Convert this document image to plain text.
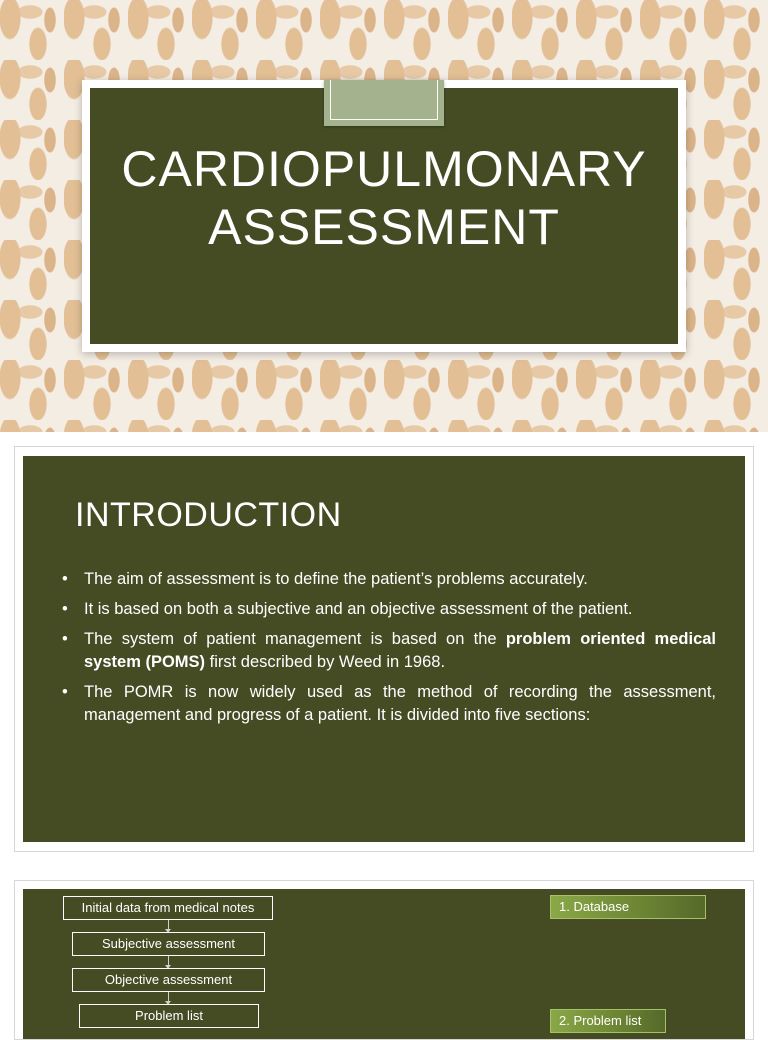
CARDIOPULMONARY
ASSESSMENT
INTRODUCTION
• The aim of assessment is to define the patient’s problems accurately.
• It is based on both a subjective and an objective assessment of the patient.
• The system of patient management is based on the problem oriented medical system (POMS) first described by Weed in 1968.
• The POMR is now widely used as the method of recording the assessment, management and progress of a patient. It is divided into five sections:
Initial data from medical notes
Subjective assessment
Objective assessment
Problem list
1. Database
2. Problem list
